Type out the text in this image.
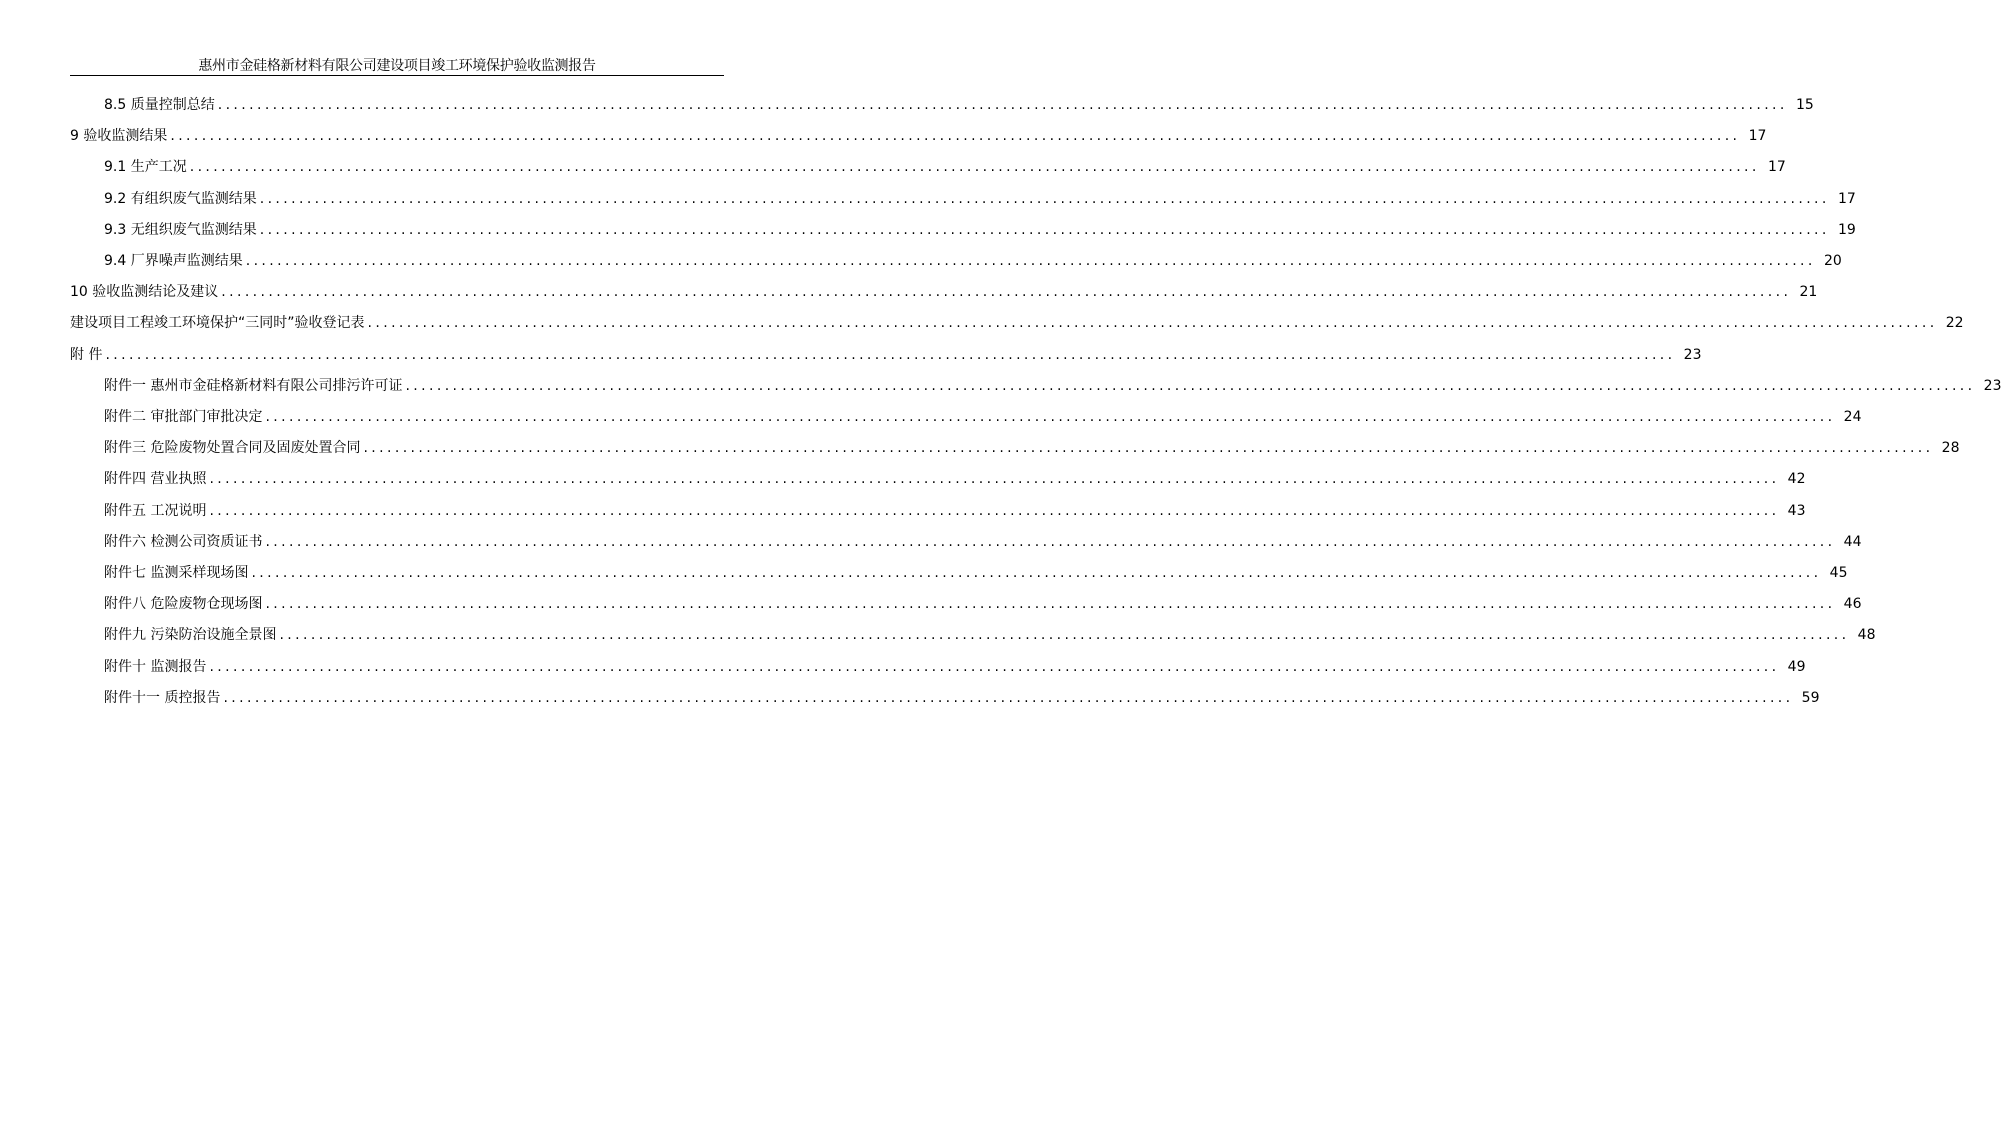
惠州市金硅格新材料有限公司建设项目竣工环境保护验收监测报告
8.5 质量控制总结 ........................................................................................................................................................................................................ 15
9 验收监测结果 ........................................................................................................................................................................................................ 17
9.1 生产工况 ........................................................................................................................................................................................................ 17
9.2 有组织废气监测结果 ........................................................................................................................................................................................................ 17
9.3 无组织废气监测结果 ........................................................................................................................................................................................................ 19
9.4 厂界噪声监测结果 ........................................................................................................................................................................................................ 20
10 验收监测结论及建议 ........................................................................................................................................................................................................ 21
建设项目工程竣工环境保护“三同时”验收登记表 ........................................................................................................................................................................................................ 22
附 件 ........................................................................................................................................................................................................ 23
附件一 惠州市金硅格新材料有限公司排污许可证 ........................................................................................................................................................................................................ 23
附件二 审批部门审批决定 ........................................................................................................................................................................................................ 24
附件三 危险废物处置合同及固废处置合同 ........................................................................................................................................................................................................ 28
附件四 营业执照 ........................................................................................................................................................................................................ 42
附件五 工况说明 ........................................................................................................................................................................................................ 43
附件六 检测公司资质证书 ........................................................................................................................................................................................................ 44
附件七 监测采样现场图 ........................................................................................................................................................................................................ 45
附件八 危险废物仓现场图 ........................................................................................................................................................................................................ 46
附件九 污染防治设施全景图 ........................................................................................................................................................................................................ 48
附件十 监测报告 ........................................................................................................................................................................................................ 49
附件十一 质控报告 ........................................................................................................................................................................................................ 59
